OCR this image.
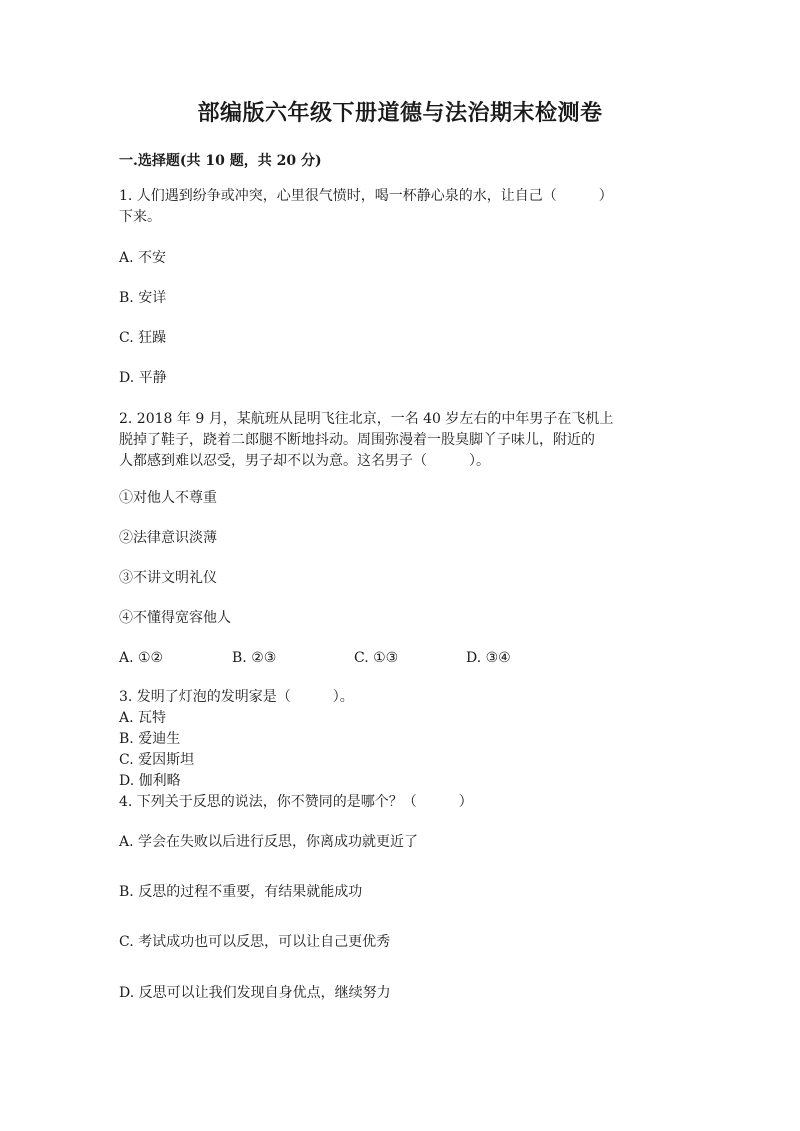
部编版六年级下册道德与法治期末检测卷
一.选择题(共 10 题，共 20 分)
1. 人们遇到纷争或冲突，心里很气愤时，喝一杯静心泉的水，让自己（　　　）
下来。
A. 不安
B. 安详
C. 狂躁
D. 平静
2. 2018 年 9 月，某航班从昆明飞往北京，一名 40 岁左右的中年男子在飞机上
脱掉了鞋子，跷着二郎腿不断地抖动。周围弥漫着一股臭脚丫子味儿，附近的
人都感到难以忍受，男子却不以为意。这名男子（　　　）。
①对他人不尊重
②法律意识淡薄
③不讲文明礼仪
④不懂得宽容他人
A. ①②	B. ②③	C. ①③	D. ③④
3. 发明了灯泡的发明家是（　　　）。
A. 瓦特
B. 爱迪生
C. 爱因斯坦
D. 伽利略
4. 下列关于反思的说法，你不赞同的是哪个？（　　　）
A. 学会在失败以后进行反思，你离成功就更近了
B. 反思的过程不重要，有结果就能成功
C. 考试成功也可以反思，可以让自己更优秀
D. 反思可以让我们发现自身优点，继续努力
